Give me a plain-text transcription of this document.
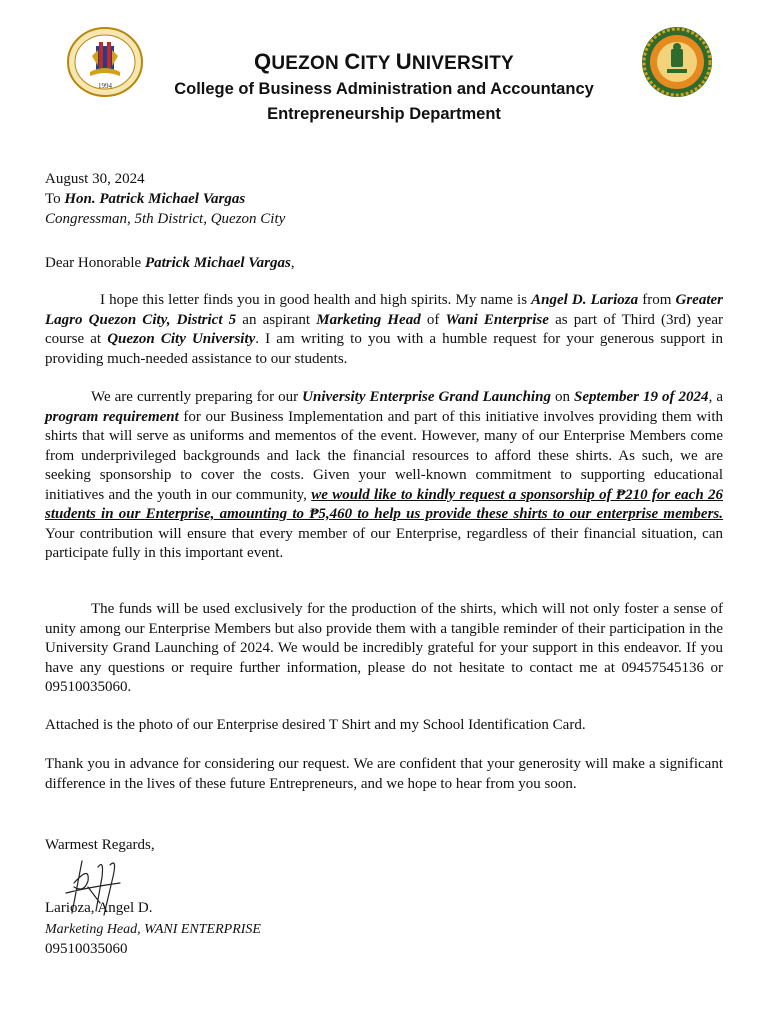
1994
QUEZON CITY UNIVERSITY
College of Business Administration and Accountancy
Entrepreneurship Department
August 30, 2024
To Hon. Patrick Michael Vargas
Congressman, 5th District, Quezon City
Dear Honorable Patrick Michael Vargas,
I hope this letter finds you in good health and high spirits. My name is Angel D. Larioza from Greater Lagro Quezon City, District 5 an aspirant Marketing Head of Wani Enterprise as part of Third (3rd) year course at Quezon City University. I am writing to you with a humble request for your generous support in providing much-needed assistance to our students.
We are currently preparing for our University Enterprise Grand Launching on September 19 of 2024, a program requirement for our Business Implementation and part of this initiative involves providing them with shirts that will serve as uniforms and mementos of the event. However, many of our Enterprise Members come from underprivileged backgrounds and lack the financial resources to afford these shirts. As such, we are seeking sponsorship to cover the costs. Given your well-known commitment to supporting educational initiatives and the youth in our community, we would like to kindly request a sponsorship of ₱210 for each 26 students in our Enterprise, amounting to ₱5,460 to help us provide these shirts to our enterprise members. Your contribution will ensure that every member of our Enterprise, regardless of their financial situation, can participate fully in this important event.
The funds will be used exclusively for the production of the shirts, which will not only foster a sense of unity among our Enterprise Members but also provide them with a tangible reminder of their participation in the University Grand Launching of 2024. We would be incredibly grateful for your support in this endeavor. If you have any questions or require further information, please do not hesitate to contact me at 09457545136 or 09510035060.
Attached is the photo of our Enterprise desired T Shirt and my School Identification Card.
Thank you in advance for considering our request. We are confident that your generosity will make a significant difference in the lives of these future Entrepreneurs, and we hope to hear from you soon.
Warmest Regards,
Larioza, Angel D.
Marketing Head, WANI ENTERPRISE
09510035060
